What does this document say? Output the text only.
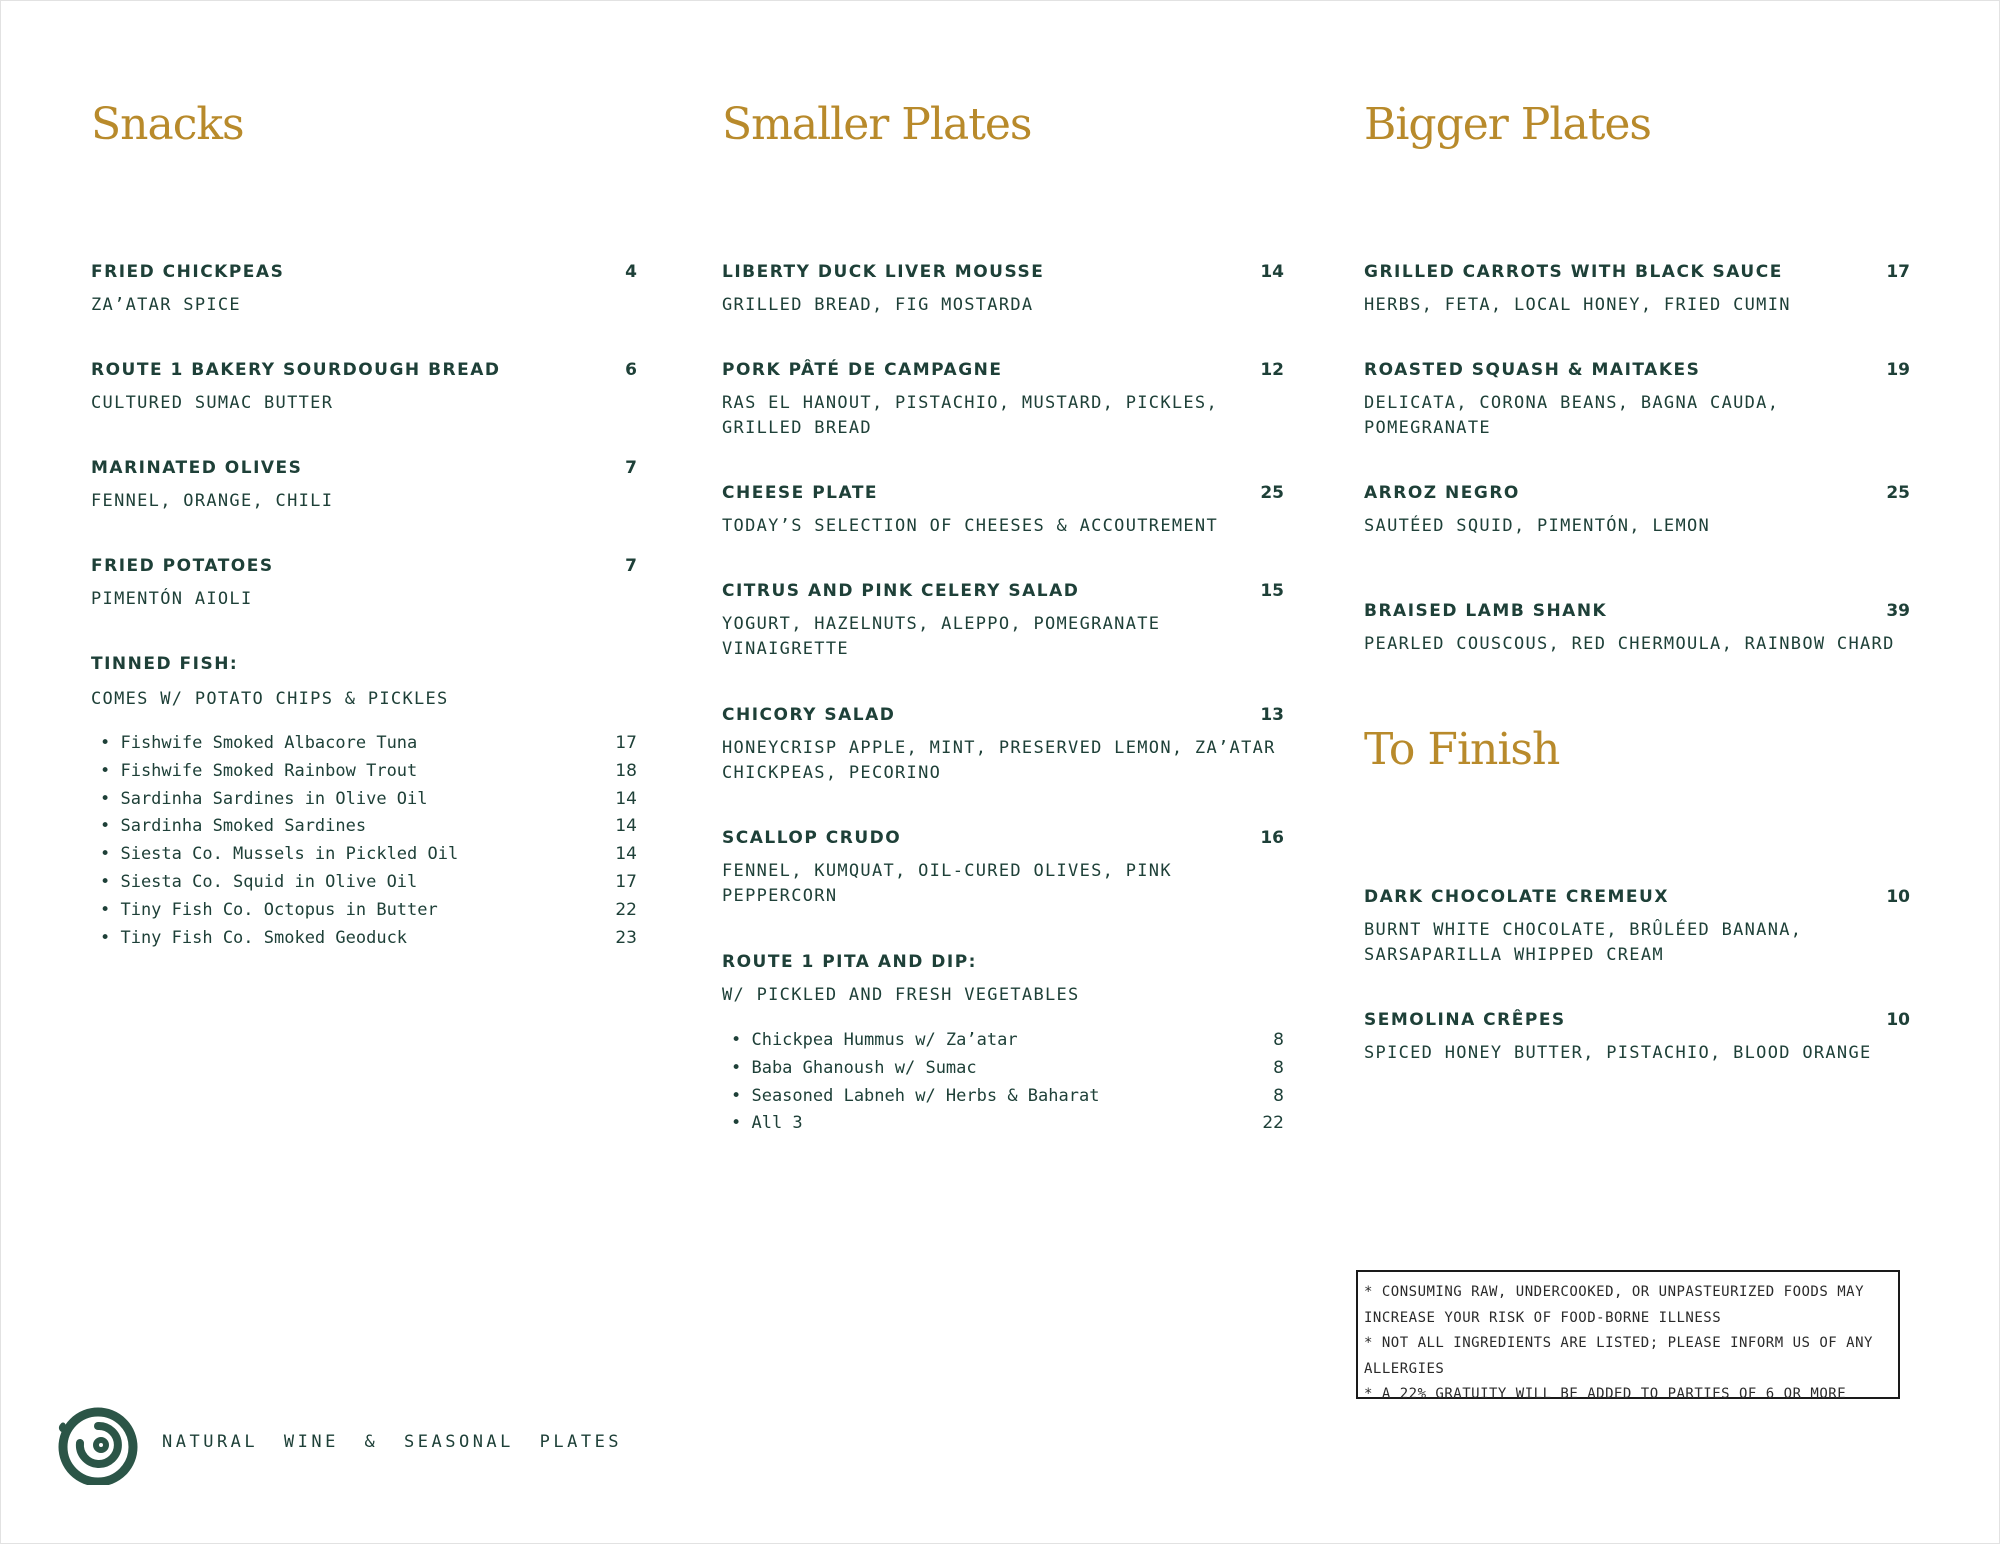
Snacks
FRIED CHICKPEAS	4
ZA’ATAR SPICE
ROUTE 1 BAKERY SOURDOUGH BREAD	6
CULTURED SUMAC BUTTER
MARINATED OLIVES	7
FENNEL, ORANGE, CHILI
FRIED POTATOES	7
PIMENTÓN AIOLI
TINNED FISH:
COMES W/ POTATO CHIPS & PICKLES
• Fishwife Smoked Albacore Tuna	17
• Fishwife Smoked Rainbow Trout	18
• Sardinha Sardines in Olive Oil	14
• Sardinha Smoked Sardines	14
• Siesta Co. Mussels in Pickled Oil	14
• Siesta Co. Squid in Olive Oil	17
• Tiny Fish Co. Octopus in Butter	22
• Tiny Fish Co. Smoked Geoduck	23
Smaller Plates
LIBERTY DUCK LIVER MOUSSE	14
GRILLED BREAD, FIG MOSTARDA
PORK PÂTÉ DE CAMPAGNE	12
RAS EL HANOUT, PISTACHIO, MUSTARD, PICKLES, GRILLED BREAD
CHEESE PLATE	25
TODAY’S SELECTION OF CHEESES & ACCOUTREMENT
CITRUS AND PINK CELERY SALAD	15
YOGURT, HAZELNUTS, ALEPPO, POMEGRANATE VINAIGRETTE
CHICORY SALAD	13
HONEYCRISP APPLE, MINT, PRESERVED LEMON, ZA’ATAR CHICKPEAS, PECORINO
SCALLOP CRUDO	16
FENNEL, KUMQUAT, OIL-CURED OLIVES, PINK PEPPERCORN
ROUTE 1 PITA AND DIP:
W/ PICKLED AND FRESH VEGETABLES
• Chickpea Hummus w/ Za’atar	8
• Baba Ghanoush w/ Sumac	8
• Seasoned Labneh w/ Herbs & Baharat	8
• All 3	22
Bigger Plates
GRILLED CARROTS WITH BLACK SAUCE	17
HERBS, FETA, LOCAL HONEY, FRIED CUMIN
ROASTED SQUASH & MAITAKES	19
DELICATA, CORONA BEANS, BAGNA CAUDA, POMEGRANATE
ARROZ NEGRO	25
SAUTÉED SQUID, PIMENTÓN, LEMON
BRAISED LAMB SHANK	39
PEARLED COUSCOUS, RED CHERMOULA, RAINBOW CHARD
To Finish
DARK CHOCOLATE CREMEUX	10
BURNT WHITE CHOCOLATE, BRÛLÉED BANANA, SARSAPARILLA WHIPPED CREAM
SEMOLINA CRÊPES	10
SPICED HONEY BUTTER, PISTACHIO, BLOOD ORANGE
* CONSUMING RAW, UNDERCOOKED, OR UNPASTEURIZED FOODS MAY INCREASE YOUR RISK OF FOOD-BORNE ILLNESS
* NOT ALL INGREDIENTS ARE LISTED; PLEASE INFORM US OF ANY ALLERGIES
* A 22% GRATUITY WILL BE ADDED TO PARTIES OF 6 OR MORE
NATURAL WINE & SEASONAL PLATES
